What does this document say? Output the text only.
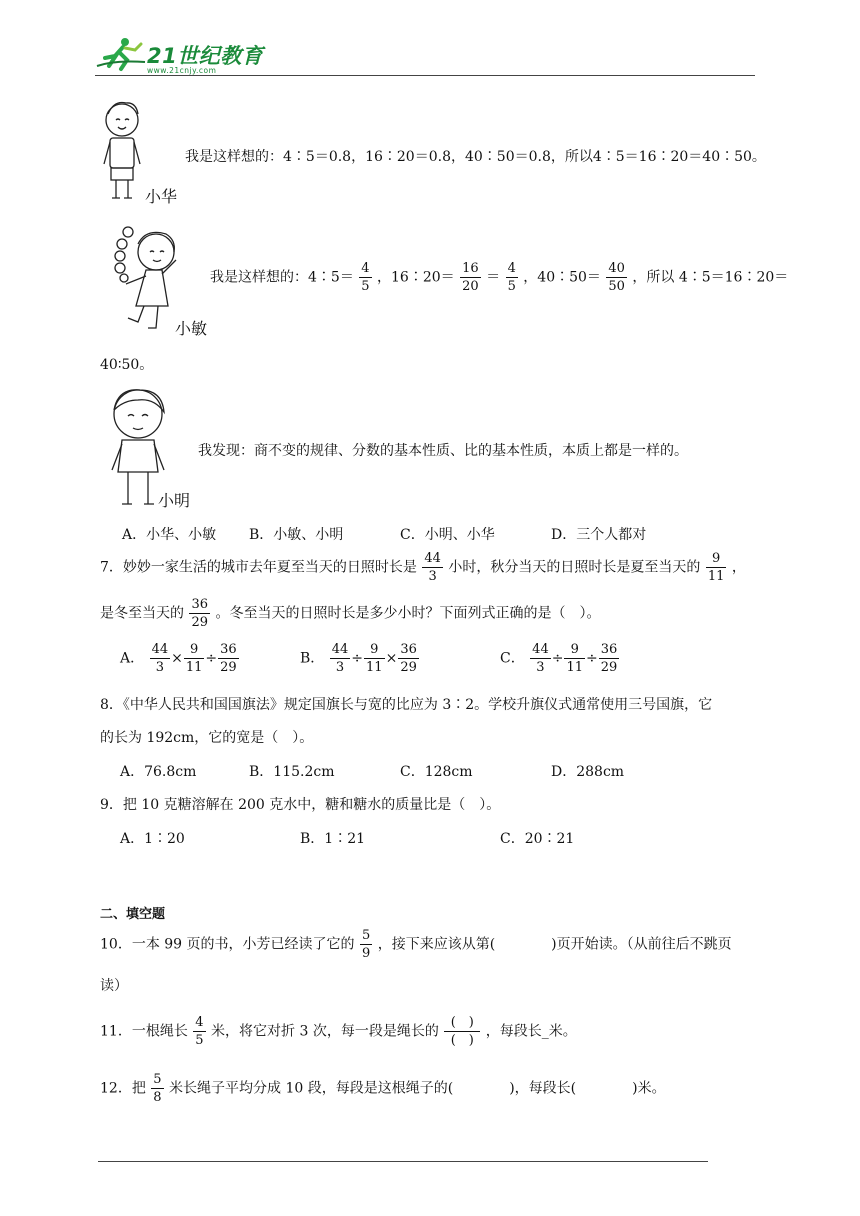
21世纪教育
www.21cnjy.com
小华
我是这样想的：4∶5＝0.8，16∶20＝0.8，40∶50＝0.8，所以4∶5＝16∶20＝40∶50。
小敏
我是这样想的：4∶5＝ $\frac{4}{5}$ ，16∶20＝ $\frac{16}{20} = \frac{4}{5}$ ，40∶50＝ $\frac{40}{50}$ ，所以 4∶5＝16∶20＝
40∶50。
小明
我发现：商不变的规律、分数的基本性质、比的基本性质，本质上都是一样的。
A．小华、小敏 B．小敏、小明	C．小明、小华	D．三个人都对
7．妙妙一家生活的城市去年夏至当天的日照时长是 $\frac{44}{3}$ 小时，秋分当天的日照时长是夏至当天的 $\frac{9}{11}$ ，
是冬至当天的 $\frac{36}{29}$ 。冬至当天的日照时长是多少小时？下面列式正确的是（　）。
A． $\frac{44}{3} \times \frac{9}{11} \div \frac{36}{29}$	B． $\frac{44}{3} \div \frac{9}{11} \times \frac{36}{29}$	C． $\frac{44}{3} \div \frac{9}{11} \div \frac{36}{29}$
8．《中华人民共和国国旗法》规定国旗长与宽的比应为 3∶2。学校升旗仪式通常使用三号国旗，它
的长为 192cm，它的宽是（　）。
A．76.8cm	B．115.2cm	C．128cm	D．288cm
9．把 10 克糖溶解在 200 克水中，糖和糖水的质量比是（　）。
A．1∶20	B．1∶21	C．20∶21
二、填空题
10．一本 99 页的书，小芳已经读了它的 $\frac{5}{9}$ ，接下来应该从第(　　　　)页开始读。（从前往后不跳页
读）
11．一根绳长 $\frac{4}{5}$ 米，将它对折 3 次，每一段是绳长的 $\frac{( )}{( )}$ ，每段长_米。
12．把 $\frac{5}{8}$ 米长绳子平均分成 10 段，每段是这根绳子的(　　　　)，每段长(　　　　)米。
